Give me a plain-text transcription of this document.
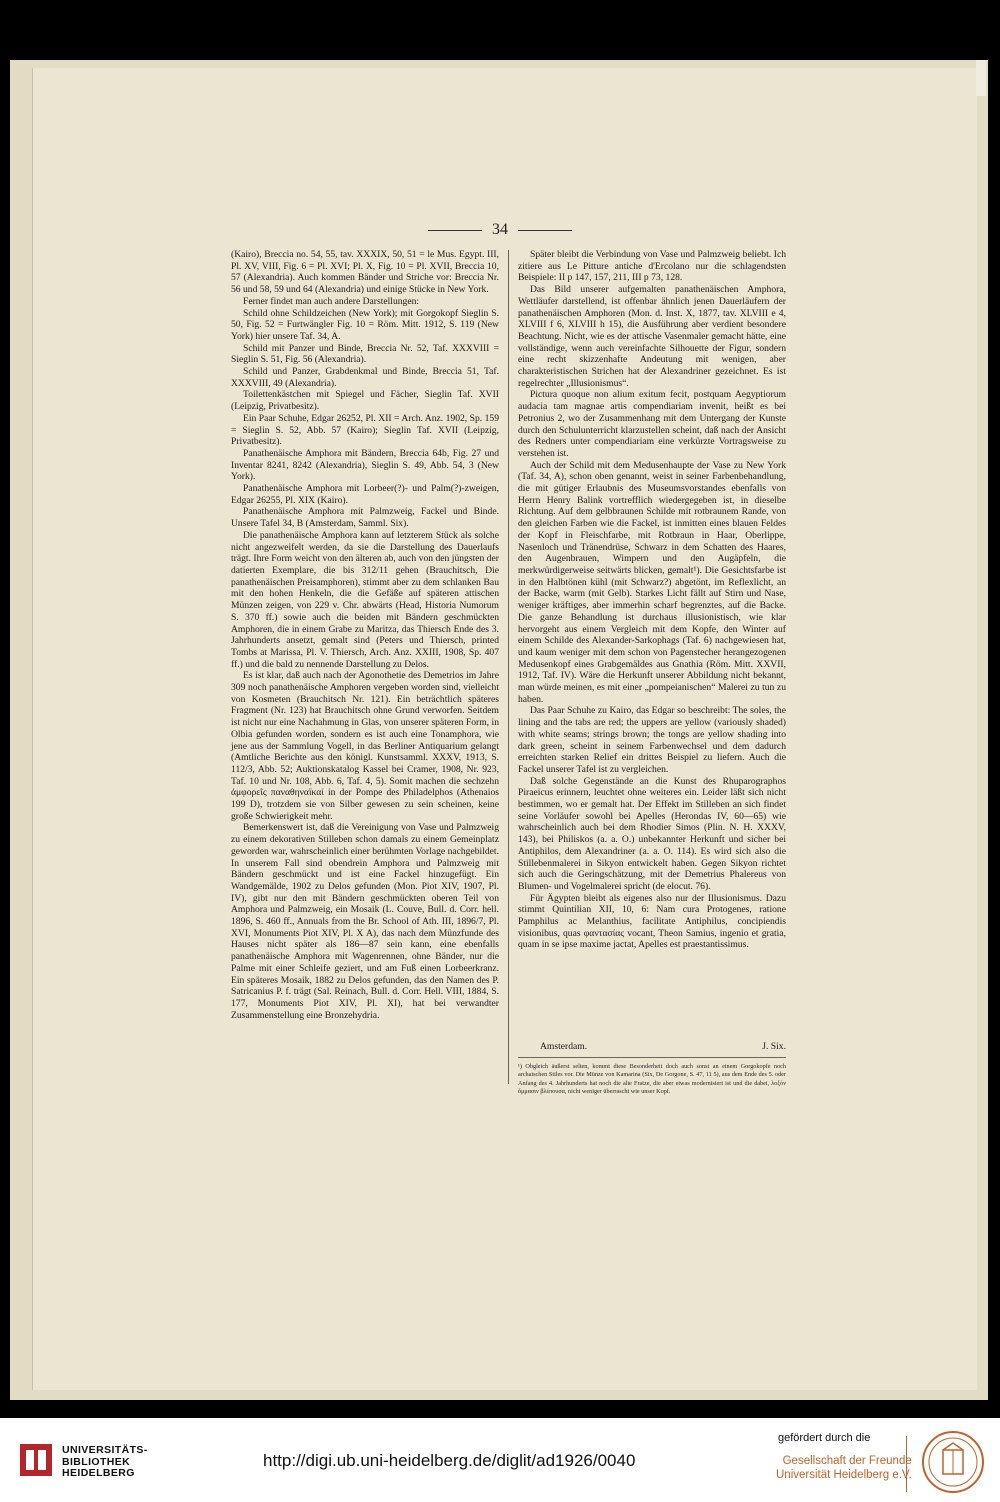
34

(Kairo), Breccia no. 54, 55, tav. XXXIX, 50, 51 = le Mus. Egypt. III, Pl. XV, VIII, Fig. 6 = Pl. XVI; Pl. X, Fig. 10 = Pl. XVII, Breccia 10, 57 (Alexandria). Auch kommen Bänder und Striche vor: Breccia Nr. 56 und 58, 59 und 64 (Alexandria) und einige Stücke in New York.

Ferner findet man auch andere Darstellungen:

Schild ohne Schildzeichen (New York); mit Gorgokopf Sieglin S. 50, Fig. 52 = Furtwängler Fig. 10 = Röm. Mitt. 1912, S. 119 (New York) hier unsere Taf. 34, A.

Schild mit Panzer und Binde, Breccia Nr. 52, Taf. XXXVIII = Sieglin S. 51, Fig. 56 (Alexandria).

Schild und Panzer, Grabdenkmal und Binde, Breccia 51, Taf. XXXVIII, 49 (Alexandria).

Toilettenkästchen mit Spiegel und Fächer, Sieglin Taf. XVII (Leipzig, Privatbesitz).

Ein Paar Schuhe, Edgar 26252, Pl. XII = Arch. Anz. 1902, Sp. 159 = Sieglin S. 52, Abb. 57 (Kairo); Sieglin Taf. XVII (Leipzig, Privatbesitz).

Panathenäische Amphora mit Bändern, Breccia 64b, Fig. 27 und Inventar 8241, 8242 (Alexandria), Sieglin S. 49, Abb. 54, 3 (New York).

Panathenäische Amphora mit Lorbeer(?)- und Palm(?)-zweigen, Edgar 26255, Pl. XIX (Kairo).

Panathenäische Amphora mit Palmzweig, Fackel und Binde. Unsere Tafel 34, B (Amsterdam, Samml. Six).

Die panathenäische Amphora kann auf letzterem Stück als solche nicht angezweifelt werden, da sie die Darstellung des Dauerlaufs trägt. Ihre Form weicht von den älteren ab, auch von den jüngsten der datierten Exemplare, die bis 312/11 gehen (Brauchitsch, Die panathenäischen Preisamphoren), stimmt aber zu dem schlanken Bau mit den hohen Henkeln, die die Gefäße auf späteren attischen Münzen zeigen, von 229 v. Chr. abwärts (Head, Historia Numorum S. 370 ff.) sowie auch die beiden mit Bändern geschmückten Amphoren, die in einem Grabe zu Maritza, das Thiersch Ende des 3. Jahrhunderts ansetzt, gemalt sind (Peters und Thiersch, printed Tombs at Marissa, Pl. V. Thiersch, Arch. Anz. XXIII, 1908, Sp. 407 ff.) und die bald zu nennende Darstellung zu Delos.

Es ist klar, daß auch nach der Agonothetie des Demetrios im Jahre 309 noch panathenäische Amphoren vergeben worden sind, vielleicht von Kosmeten (Brauchitsch Nr. 121). Ein beträchtlich späteres Fragment (Nr. 123) hat Brauchitsch ohne Grund verworfen. Seitdem ist nicht nur eine Nachahmung in Glas, von unserer späteren Form, in Olbia gefunden worden, sondern es ist auch eine Tonamphora, wie jene aus der Sammlung Vogell, in das Berliner Antiquarium gelangt (Amtliche Berichte aus den königl. Kunstsamml. XXXV, 1913, S. 112/3, Abb. 52; Auktionskatalog Kassel bei Cramer, 1908, Nr. 923, Taf. 10 und Nr. 108, Abb. 6, Taf. 4, 5). Somit machen die sechzehn ἀμφορεῖς παναθηναϊκαί in der Pompe des Philadelphos (Athenaios 199 D), trotzdem sie von Silber gewesen zu sein scheinen, keine große Schwierigkeit mehr.

Bemerkenswert ist, daß die Vereinigung von Vase und Palmzweig zu einem dekorativen Stilleben schon damals zu einem Gemeinplatz geworden war, wahrscheinlich einer berühmten Vorlage nachgebildet. In unserem Fall sind obendrein Amphora und Palmzweig mit Bändern geschmückt und ist eine Fackel hinzugefügt. Ein Wandgemälde, 1902 zu Delos gefunden (Mon. Piot XIV, 1907, Pl. IV), gibt nur den mit Bändern geschmückten oberen Teil von Amphora und Palmzweig, ein Mosaik (L. Couve, Bull. d. Corr. hell. 1896, S. 460 ff., Annuals from the Br. School of Ath. III, 1896/7, Pl. XVI, Monuments Piot XIV, Pl. X A), das nach dem Münzfunde des Hauses nicht später als 186—87 sein kann, eine ebenfalls panathenäische Amphora mit Wagenrennen, ohne Bänder, nur die Palme mit einer Schleife geziert, und am Fuß einen Lorbeerkranz. Ein späteres Mosaik, 1882 zu Delos gefunden, das den Namen des P. Satricanius P. f. trägt (Sal. Reinach, Bull. d. Corr. Hell. VIII, 1884, S. 177, Monuments Piot XIV, Pl. XI), hat bei verwandter Zusammenstellung eine Bronzehydria.

Später bleibt die Verbindung von Vase und Palmzweig beliebt. Ich zitiere aus Le Pitture antiche d'Ercolano nur die schlagendsten Beispiele: II p 147, 157, 211, III p 73, 128.

Das Bild unserer aufgemalten panathenäischen Amphora, Wettläufer darstellend, ist offenbar ähnlich jenen Dauerläufern der panathenäischen Amphoren (Mon. d. Inst. X, 1877, tav. XLVIII e 4, XLVIII f 6, XLVIII h 15), die Ausführung aber verdient besondere Beachtung. Nicht, wie es der attische Vasenmaler gemacht hätte, eine vollständige, wenn auch vereinfachte Silhouette der Figur, sondern eine recht skizzenhafte Andeutung mit wenigen, aber charakteristischen Strichen hat der Alexandriner gezeichnet. Es ist regelrechter „Illusionismus“.

Pictura quoque non alium exitum fecit, postquam Aegyptiorum audacia tam magnae artis compendiariam invenit, heißt es bei Petronius 2, wo der Zusammenhang mit dem Untergang der Kunste durch den Schulunterricht klarzustellen scheint, daß nach der Ansicht des Redners unter compendiariam eine verkürzte Vortragsweise zu verstehen ist.

Auch der Schild mit dem Medusenhaupte der Vase zu New York (Taf. 34, A), schon oben genannt, weist in seiner Farbenbehandlung, die mit gütiger Erlaubnis des Museumsvorstandes ebenfalls von Herrn Henry Balink vortrefflich wiedergegeben ist, in dieselbe Richtung. Auf dem gelbbraunen Schilde mit rotbraunem Rande, von den gleichen Farben wie die Fackel, ist inmitten eines blauen Feldes der Kopf in Fleischfarbe, mit Rotbraun in Haar, Oberlippe, Nasenloch und Tränendrüse, Schwarz in dem Schatten des Haares, den Augenbrauen, Wimpern und den Augäpfeln, die merkwürdigerweise seitwärts blicken, gemalt¹). Die Gesichtsfarbe ist in den Halbtönen kühl (mit Schwarz?) abgetönt, im Reflexlicht, an der Backe, warm (mit Gelb). Starkes Licht fällt auf Stirn und Nase, weniger kräftiges, aber immerhin scharf begrenztes, auf die Backe. Die ganze Behandlung ist durchaus illusionistisch, wie klar hervorgeht aus einem Vergleich mit dem Kopfe, den Winter auf einem Schilde des Alexander-Sarkophags (Taf. 6) nachgewiesen hat, und kaum weniger mit dem schon von Pagenstecher herangezogenen Medusenkopf eines Grabgemäldes aus Gnathia (Röm. Mitt. XXVII, 1912, Taf. IV). Wäre die Herkunft unserer Abbildung nicht bekannt, man würde meinen, es mit einer „pompeianischen“ Malerei zu tun zu haben.

Das Paar Schuhe zu Kairo, das Edgar so beschreibt: The soles, the lining and the tabs are red; the uppers are yellow (variously shaded) with white seams; strings brown; the tongs are yellow shading into dark green, scheint in seinem Farbenwechsel und dem dadurch erreichten starken Relief ein drittes Beispiel zu liefern. Auch die Fackel unserer Tafel ist zu vergleichen.

Daß solche Gegenstände an die Kunst des Rhuparographos Piraeicus erinnern, leuchtet ohne weiteres ein. Leider läßt sich nicht bestimmen, wo er gemalt hat. Der Effekt im Stilleben an sich findet seine Vorläufer sowohl bei Apelles (Herondas IV, 60—65) wie wahrscheinlich auch bei dem Rhodier Simos (Plin. N. H. XXXV, 143), bei Philiskos (a. a. O.) unbekannter Herkunft und sicher bei Antiphilos, dem Alexandriner (a. a. O. 114). Es wird sich also die Stillebenmalerei in Sikyon entwickelt haben. Gegen Sikyon richtet sich auch die Geringschätzung, mit der Demetrius Phalereus von Blumen- und Vogelmalerei spricht (de elocut. 76).

Für Ägypten bleibt als eigenes also nur der Illusionismus. Dazu stimmt Quintilian XII, 10, 6: Nam cura Protogenes, ratione Pamphilus ac Melanthius, facilitate Antiphilus, concipiendis visionibus, quas φαντασίας vocant, Theon Samius, ingenio et gratia, quam in se ipse maxime jactat, Apelles est praestantissimus.

Amsterdam.	J. Six.
¹) Obgleich äußerst selten, kommt diese Besonderheit doch auch sonst an einem Gorgokopfe noch archaischen Stiles vor. Die Münze von Kamarina (Six, De Gorgone, S. 47, 11 5), aus dem Ende des 5. oder Anfang des 4. Jahrhunderts hat noch die alte Fratze, die aber etwas modernisiert ist und die dabei, λοξὸν ὄμμασιν βλέπουσα, nicht weniger überrascht wie unser Kopf.
UNIVERSITÄTS-
BIBLIOTHEK
HEIDELBERG
http://digi.ub.uni-heidelberg.de/diglit/ad1926/0040
gefördert durch die
Gesellschaft der Freunde
Universität Heidelberg e.V.
